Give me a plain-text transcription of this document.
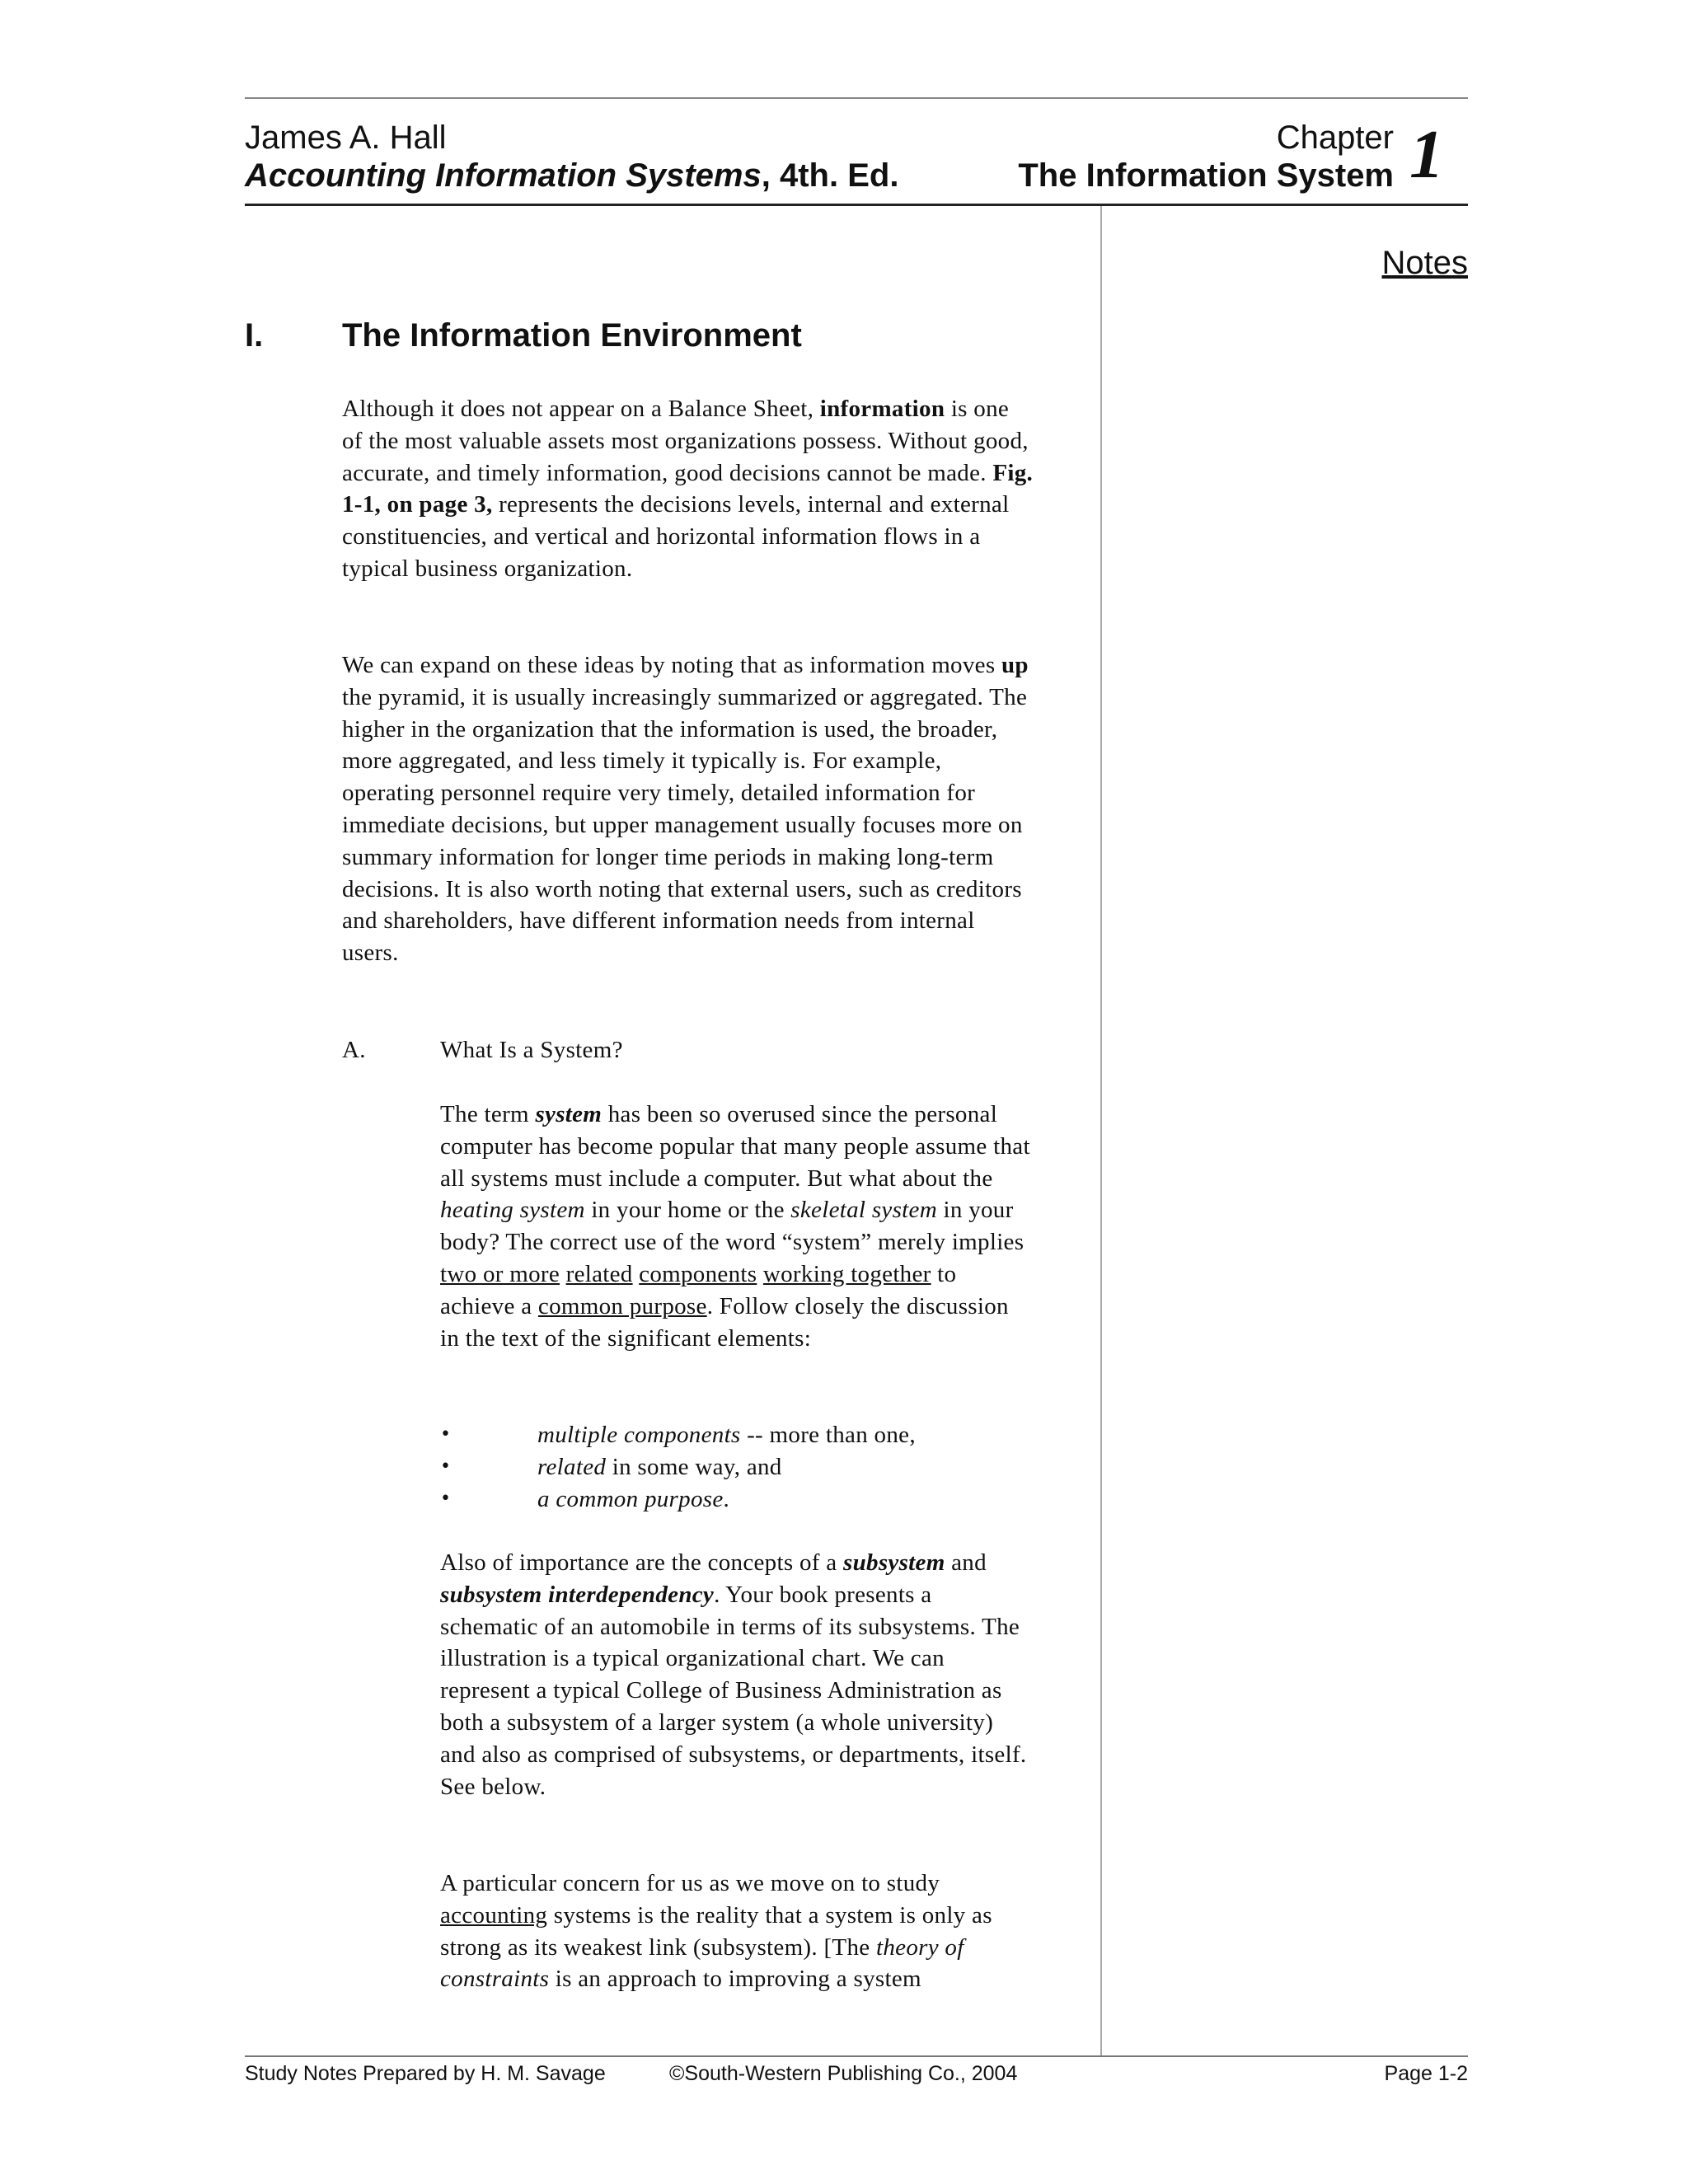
James A. Hall
Accounting Information Systems, 4th. Ed.
Chapter
The Information System 1
Notes
I. The Information Environment

Although it does not appear on a Balance Sheet, information is one of the most valuable assets most organizations possess. Without good, accurate, and timely information, good decisions cannot be made. Fig. 1-1, on page 3, represents the decisions levels, internal and external constituencies, and vertical and horizontal information flows in a typical business organization.

We can expand on these ideas by noting that as information moves up the pyramid, it is usually increasingly summarized or aggregated. The higher in the organization that the information is used, the broader, more aggregated, and less timely it typically is. For example, operating personnel require very timely, detailed information for immediate decisions, but upper management usually focuses more on summary information for longer time periods in making long-term decisions. It is also worth noting that external users, such as creditors and shareholders, have different information needs from internal users.

A.	What Is a System?

The term system has been so overused since the personal computer has become popular that many people assume that all systems must include a computer. But what about the heating system in your home or the skeletal system in your body? The correct use of the word “system” merely implies two or more related components working together to achieve a common purpose. Follow closely the discussion in the text of the significant elements:

•	multiple components -- more than one,
•	related in some way, and
•	a common purpose.

Also of importance are the concepts of a subsystem and subsystem interdependency. Your book presents a schematic of an automobile in terms of its subsystems. The illustration is a typical organizational chart. We can represent a typical College of Business Administration as both a subsystem of a larger system (a whole university) and also as comprised of subsystems, or departments, itself. See below.

A particular concern for us as we move on to study accounting systems is the reality that a system is only as strong as its weakest link (subsystem). [The theory of constraints is an approach to improving a system

Study Notes Prepared by H. M. Savage	©South-Western Publishing Co., 2004	Page 1-2
